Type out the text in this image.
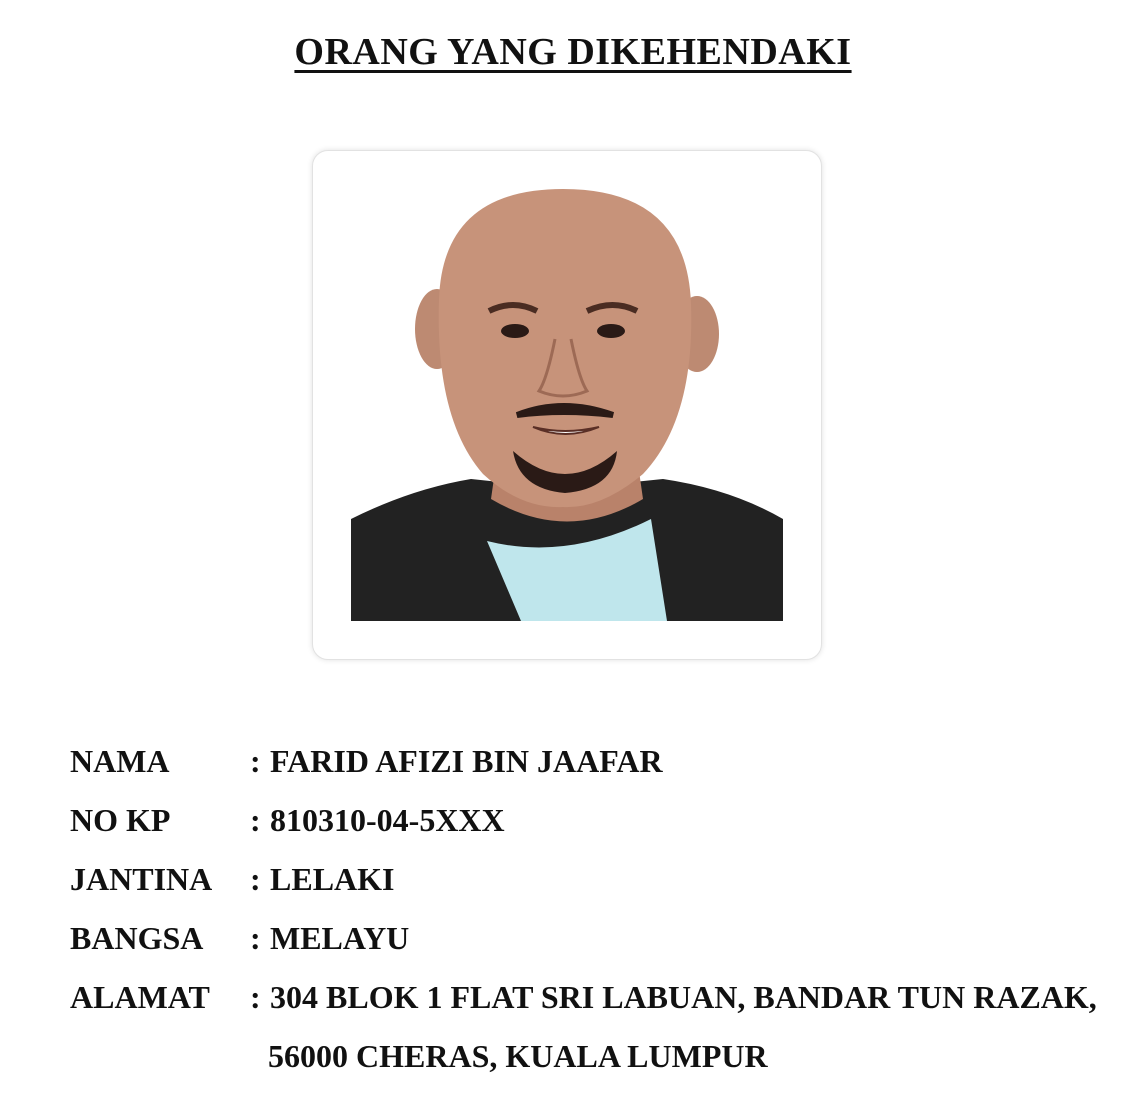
ORANG YANG DIKEHENDAKI
NAMA	: FARID AFIZI BIN JAAFAR
NO KP	: 810310-04-5XXX
JANTINA	: LELAKI
BANGSA	: MELAYU
ALAMAT	: 304 BLOK 1 FLAT SRI LABUAN, BANDAR TUN RAZAK,
56000 CHERAS, KUALA LUMPUR
